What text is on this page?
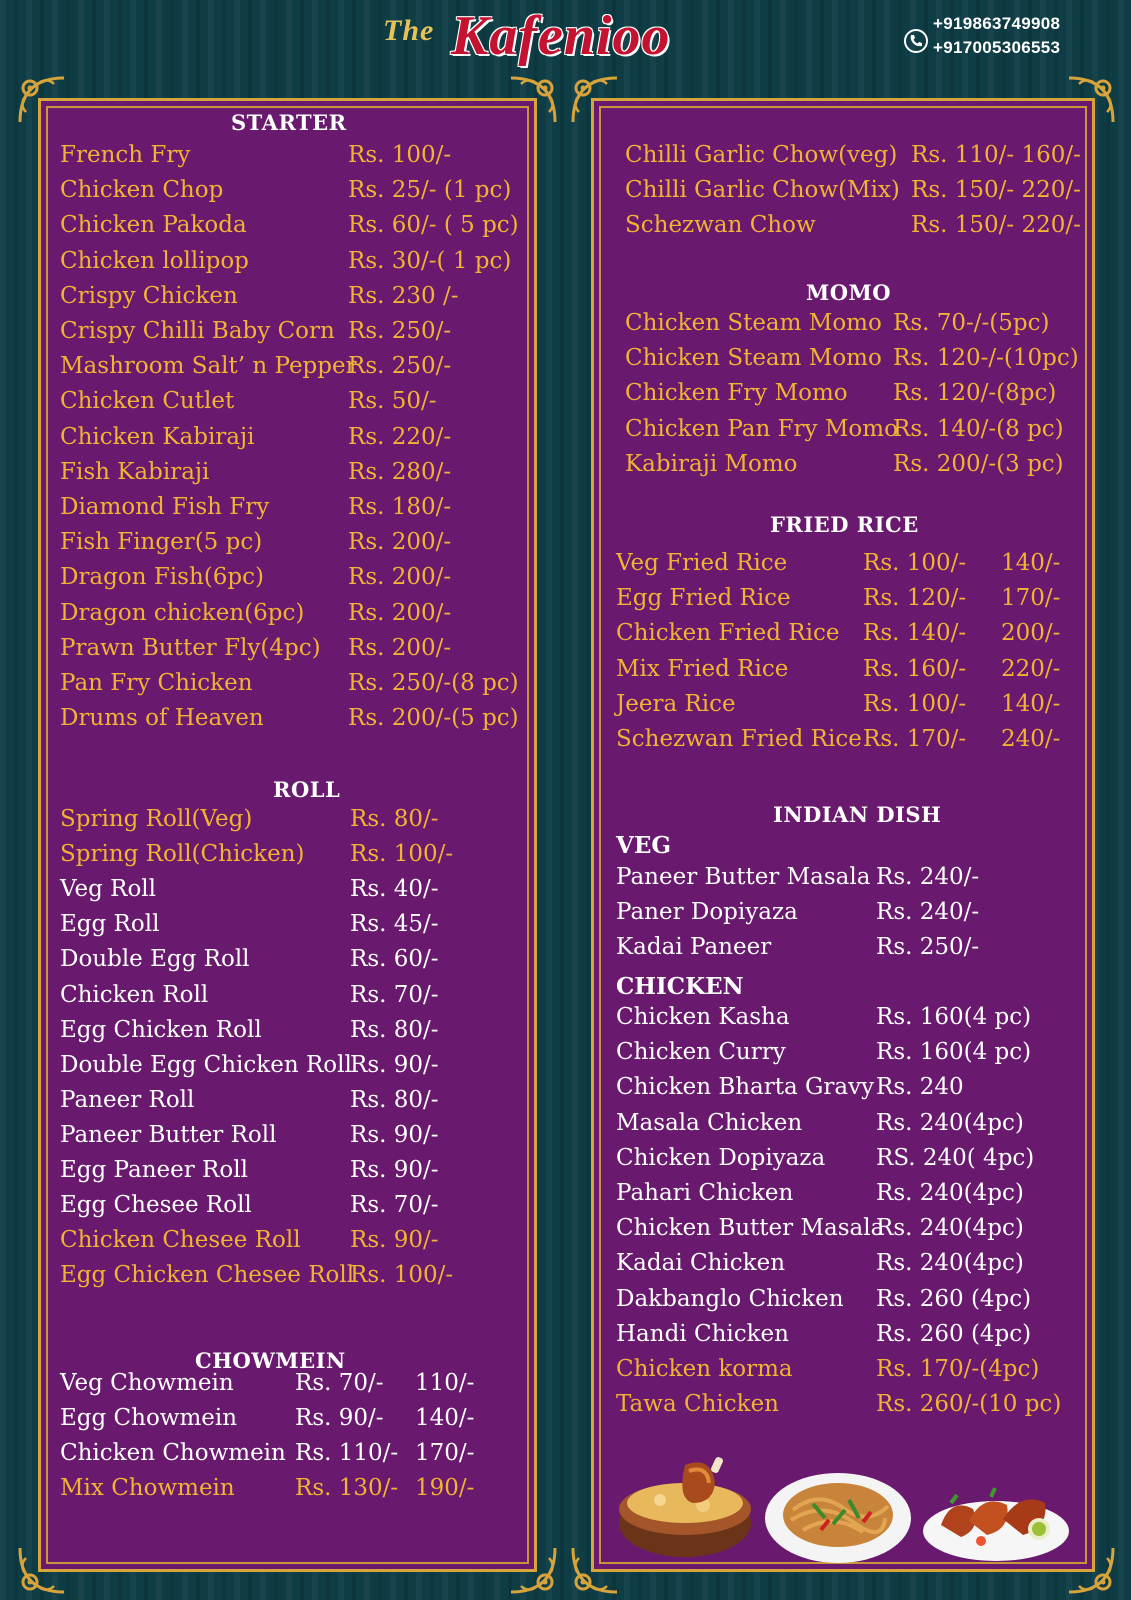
The Kafenioo	+919863749908
+917005306553
STARTER
French Fry	Rs. 100/-
Chicken Chop	Rs. 25/- (1 pc)
Chicken Pakoda	Rs. 60/- ( 5 pc)
Chicken lollipop	Rs. 30/-( 1 pc)
Crispy Chicken	Rs. 230 /-
Crispy Chilli Baby Corn Rs. 250/-
Mashroom Salt’ n Pepper
Rs. 250/-
Chicken Cutlet	Rs. 50/-
Chicken Kabiraji	Rs. 220/-
Fish Kabiraji	Rs. 280/-
Diamond Fish Fry	Rs. 180/-
Fish Finger(5 pc)	Rs. 200/-
Dragon Fish(6pc)	Rs. 200/-
Dragon chicken(6pc) Rs. 200/-
Prawn Butter Fly(4pc) Rs. 200/-
Pan Fry Chicken	Rs. 250/-(8 pc)
Drums of Heaven	Rs. 200/-(5 pc)
ROLL
Spring Roll(Veg)	Rs. 80/-
Spring Roll(Chicken) Rs. 100/-
Veg Roll	Rs. 40/-
Egg Roll	Rs. 45/-
Double Egg Roll	Rs. 60/-
Chicken Roll	Rs. 70/-
Egg Chicken Roll	Rs. 80/-
Double Egg Chicken Roll
Rs. 90/-
Paneer Roll	Rs. 80/-
Paneer Butter Roll	Rs. 90/-
Egg Paneer Roll	Rs. 90/-
Egg Chesee Roll	Rs. 70/-
Chicken Chesee Roll Rs. 90/-
Egg Chicken Chesee Roll
Rs. 100/-
CHOWMEIN
Veg Chowmein	Rs. 70/- 110/-
Egg Chowmein	Rs. 90/- 140/-
Chicken Chowmein Rs. 110/- 170/-
Mix Chowmein	Rs. 130/- 190/-
Chilli Garlic Chow(veg) Rs. 110/- 160/-
Chilli Garlic Chow(Mix) Rs. 150/- 220/-
Schezwan Chow	Rs. 150/- 220/-
MOMO
Chicken Steam Momo Rs. 70-/-(5pc)
Chicken Steam Momo Rs. 120-/-(10pc)
Chicken Fry Momo Rs. 120/-(8pc)
Chicken Pan Fry Momo
Rs. 140/-(8 pc)
Kabiraji Momo	Rs. 200/-(3 pc)
FRIED RICE
Veg Fried Rice	Rs. 100/- 140/-
Egg Fried Rice	Rs. 120/- 170/-
Chicken Fried Rice Rs. 140/- 200/-
Mix Fried Rice	Rs. 160/- 220/-
Jeera Rice	Rs. 100/- 140/-
Schezwan Fried Rice Rs. 170/- 240/-
INDIAN DISH
VEG
Paneer Butter Masala Rs. 240/-
Paner Dopiyaza	Rs. 240/-
Kadai Paneer	Rs. 250/-
CHICKEN
Chicken Kasha	Rs. 160(4 pc)
Chicken Curry	Rs. 160(4 pc)
Chicken Bharta Gravy Rs. 240
Masala Chicken	Rs. 240(4pc)
Chicken Dopiyaza RS. 240( 4pc)
Pahari Chicken	Rs. 240(4pc)
Chicken Butter Masala
Rs. 240(4pc)
Kadai Chicken	Rs. 240(4pc)
Dakbanglo Chicken Rs. 260 (4pc)
Handi Chicken	Rs. 260 (4pc)
Chicken korma	Rs. 170/-(4pc)
Tawa Chicken	Rs. 260/-(10 pc)
